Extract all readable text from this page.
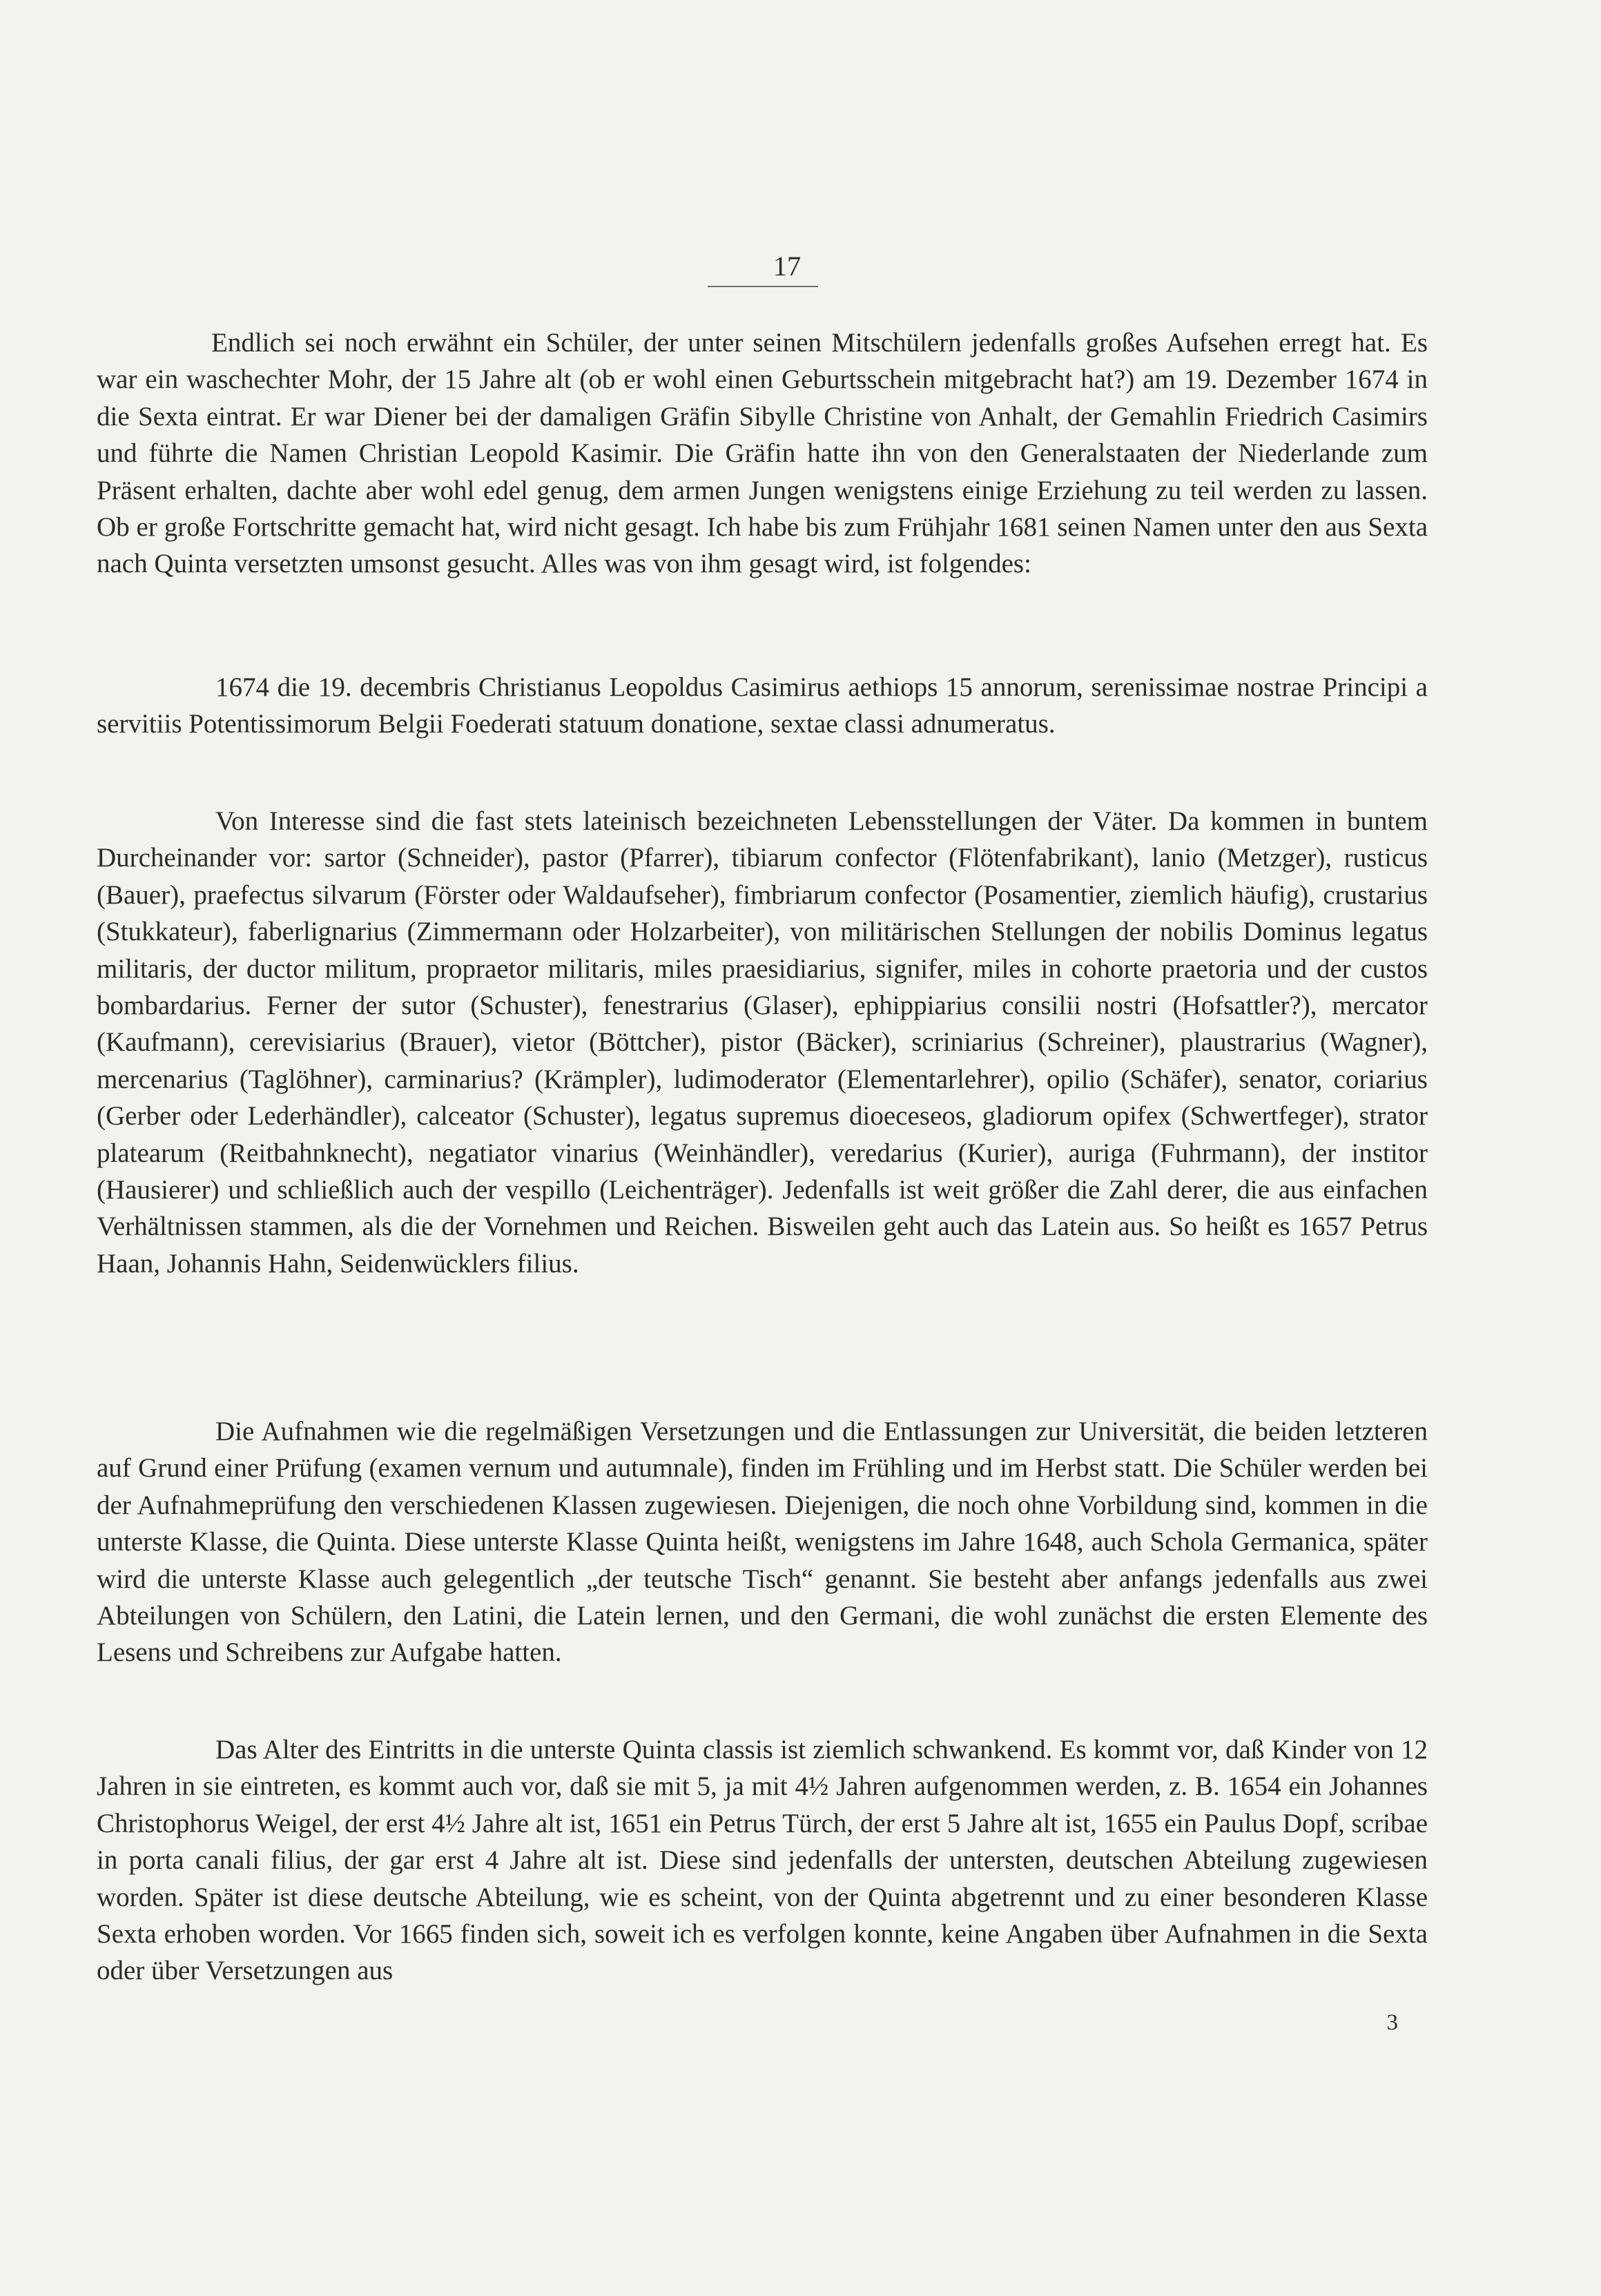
17

Endlich sei noch erwähnt ein Schüler, der unter seinen Mitschülern jedenfalls großes Aufsehen erregt hat. Es war ein waschechter Mohr, der 15 Jahre alt (ob er wohl einen Geburtsschein mitgebracht hat?) am 19. Dezember 1674 in die Sexta eintrat. Er war Diener bei der damaligen Gräfin Sibylle Christine von Anhalt, der Gemahlin Friedrich Casimirs und führte die Namen Christian Leopold Kasimir. Die Gräfin hatte ihn von den Generalstaaten der Niederlande zum Präsent erhalten, dachte aber wohl edel genug, dem armen Jungen wenigstens einige Erziehung zu teil werden zu lassen. Ob er große Fortschritte gemacht hat, wird nicht gesagt. Ich habe bis zum Frühjahr 1681 seinen Namen unter den aus Sexta nach Quinta versetzten umsonst gesucht. Alles was von ihm gesagt wird, ist folgendes:

1674 die 19. decembris Christianus Leopoldus Casimirus aethiops 15 annorum, serenissimae nostrae Principi a servitiis Potentissimorum Belgii Foederati statuum donatione, sextae classi adnumeratus.

Von Interesse sind die fast stets lateinisch bezeichneten Lebensstellungen der Väter. Da kommen in buntem Durcheinander vor: sartor (Schneider), pastor (Pfarrer), tibiarum confector (Flötenfabrikant), lanio (Metzger), rusticus (Bauer), praefectus silvarum (Förster oder Waldaufseher), fimbriarum confector (Posamentier, ziemlich häufig), crustarius (Stukkateur), faberlignarius (Zimmermann oder Holzarbeiter), von militärischen Stellungen der nobilis Dominus legatus militaris, der ductor militum, propraetor militaris, miles praesidiarius, signifer, miles in cohorte praetoria und der custos bombardarius. Ferner der sutor (Schuster), fenestrarius (Glaser), ephippiarius consilii nostri (Hofsattler?), mercator (Kaufmann), cerevisiarius (Brauer), vietor (Böttcher), pistor (Bäcker), scriniarius (Schreiner), plaustrarius (Wagner), mercenarius (Taglöhner), carminarius? (Krämpler), ludimoderator (Elementarlehrer), opilio (Schäfer), senator, coriarius (Gerber oder Lederhändler), calceator (Schuster), legatus supremus dioeceseos, gladiorum opifex (Schwertfeger), strator platearum (Reitbahnknecht), negatiator vinarius (Weinhändler), veredarius (Kurier), auriga (Fuhrmann), der institor (Hausierer) und schließlich auch der vespillo (Leichenträger). Jedenfalls ist weit größer die Zahl derer, die aus einfachen Verhältnissen stammen, als die der Vornehmen und Reichen. Bisweilen geht auch das Latein aus. So heißt es 1657 Petrus Haan, Johannis Hahn, Seidenwücklers filius.

Die Aufnahmen wie die regelmäßigen Versetzungen und die Entlassungen zur Universität, die beiden letzteren auf Grund einer Prüfung (examen vernum und autumnale), finden im Frühling und im Herbst statt. Die Schüler werden bei der Aufnahmeprüfung den verschiedenen Klassen zugewiesen. Diejenigen, die noch ohne Vorbildung sind, kommen in die unterste Klasse, die Quinta. Diese unterste Klasse Quinta heißt, wenigstens im Jahre 1648, auch Schola Germanica, später wird die unterste Klasse auch gelegentlich „der teutsche Tisch“ genannt. Sie besteht aber anfangs jedenfalls aus zwei Abteilungen von Schülern, den Latini, die Latein lernen, und den Germani, die wohl zunächst die ersten Elemente des Lesens und Schreibens zur Aufgabe hatten.

Das Alter des Eintritts in die unterste Quinta classis ist ziemlich schwankend. Es kommt vor, daß Kinder von 12 Jahren in sie eintreten, es kommt auch vor, daß sie mit 5, ja mit 4½ Jahren aufgenommen werden, z. B. 1654 ein Johannes Christophorus Weigel, der erst 4½ Jahre alt ist, 1651 ein Petrus Türch, der erst 5 Jahre alt ist, 1655 ein Paulus Dopf, scribae in porta canali filius, der gar erst 4 Jahre alt ist. Diese sind jedenfalls der untersten, deutschen Abteilung zugewiesen worden. Später ist diese deutsche Abteilung, wie es scheint, von der Quinta abgetrennt und zu einer besonderen Klasse Sexta erhoben worden. Vor 1665 finden sich, soweit ich es verfolgen konnte, keine Angaben über Aufnahmen in die Sexta oder über Versetzungen aus

3
